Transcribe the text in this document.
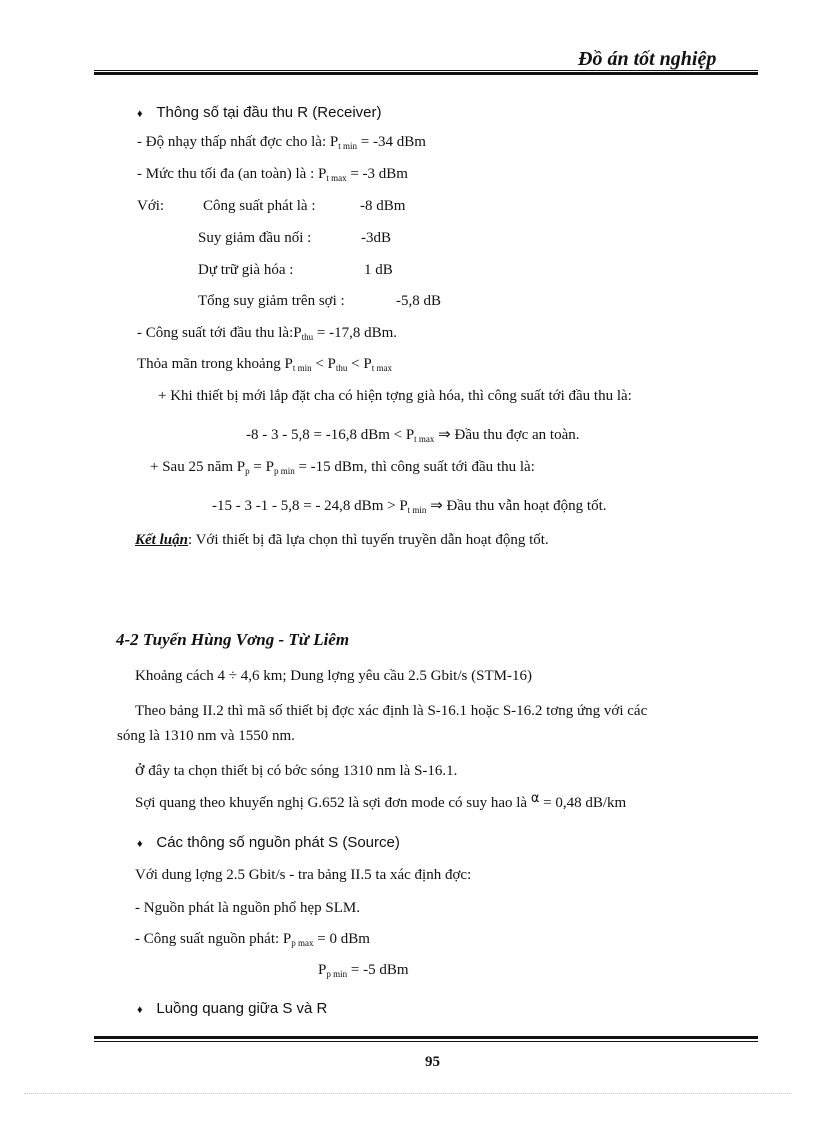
Đồ án tốt nghiệp
♦ Thông số tại đầu thu R (Receiver)
- Độ nhạy thấp nhất đợc cho là: $P_{t min} = -34$ dBm
- Mức thu tối đa (an toàn) là : $P_{t max} = -3$ dBm
Với:	Công suất phát là :	-8 dBm
Suy giảm đầu nối :	-3dB
Dự trữ già hóa :	1 dB
Tổng suy giảm trên sợi :	-5,8 dB
- Công suất tới đầu thu $là:P_{thu} = -17,8$ dBm.
Thỏa mãn trong khoảng $P_{t min} < P_{thu} < P_{t max}$
+ Khi thiết bị mới lắp đặt cha có hiện tợng già hóa, thì công suất tới đầu thu là:
-8 - 3 - 5,8 = -16,8 dBm < $P_{t max}$ ⇒ Đầu thu đợc an toàn.
+ Sau 25 năm $P_p = P_{p min} = -15$ dBm, thì công suất tới đầu thu là:
-15 - 3 -1 - 5,8 = - 24,8 dBm > $P_{t min}$ ⇒ Đầu thu vẫn hoạt động tốt.
Kết luận: Với thiết bị đã lựa chọn thì tuyến truyền dẫn hoạt động tốt.
4-2 Tuyến Hùng Vơng - Từ Liêm
Khoảng cách 4 ÷ 4,6 km; Dung lợng yêu cầu 2.5 Gbit/s (STM-16)
Theo bảng II.2 thì mã số thiết bị đợc xác định là S-16.1 hoặc S-16.2 tơng ứng với các
sóng là 1310 nm và 1550 nm.
ở đây ta chọn thiết bị có bớc sóng 1310 nm là S-16.1.
Sợi quang theo khuyến nghị G.652 là sợi đơn mode có suy hao là α = 0,48 dB/km
♦ Các thông số nguồn phát S (Source)
Với dung lợng 2.5 Gbit/s - tra bảng II.5 ta xác định đợc:
- Nguồn phát là nguồn phổ hẹp SLM.
- Công suất nguồn phát: $P_{p max} = 0$ dBm
$P_{p min} = -5$ dBm
♦ Luồng quang giữa S và R
95
